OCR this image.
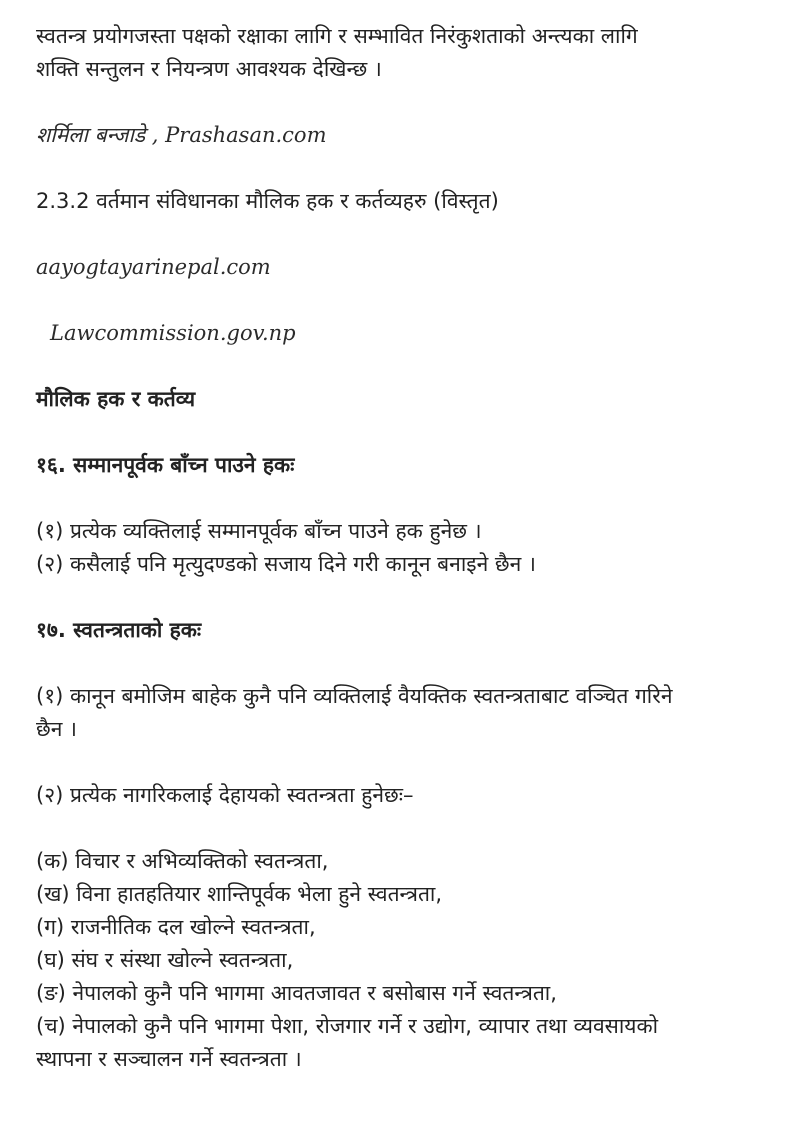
स्वतन्त्र प्रयोगजस्ता पक्षको रक्षाका लागि र सम्भावित निरंकुशताको अन्त्यका लागि
शक्ति सन्तुलन र नियन्त्रण आवश्यक देखिन्छ ।
शर्मिला बन्जाडे , Prashasan.com
2.3.2 वर्तमान संविधानका मौलिक हक र कर्तव्यहरु (विस्तृत)
aayogtayarinepal.com
Lawcommission.gov.np
मौलिक हक र कर्तव्य
१६. सम्मानपूर्वक बाँच्न पाउने हकः
(१) प्रत्येक व्यक्तिलाई सम्मानपूर्वक बाँच्न पाउने हक हुनेछ ।
(२) कसैलाई पनि मृत्युदण्डको सजाय दिने गरी कानून बनाइने छैन ।
१७. स्वतन्त्रताको हकः
(१) कानून बमोजिम बाहेक कुनै पनि व्यक्तिलाई वैयक्तिक स्वतन्त्रताबाट वञ्चित गरिने
छैन ।
(२) प्रत्येक नागरिकलाई देहायको स्वतन्त्रता हुनेछः–
(क) विचार र अभिव्यक्तिको स्वतन्त्रता,
(ख) विना हातहतियार शान्तिपूर्वक भेला हुने स्वतन्त्रता,
(ग) राजनीतिक दल खोल्ने स्वतन्त्रता,
(घ) संघ र संस्था खोल्ने स्वतन्त्रता,
(ङ) नेपालको कुनै पनि भागमा आवतजावत र बसोबास गर्ने स्वतन्त्रता,
(च) नेपालको कुनै पनि भागमा पेशा, रोजगार गर्ने र उद्योग, व्यापार तथा व्यवसायको
स्थापना र सञ्चालन गर्ने स्वतन्त्रता ।
